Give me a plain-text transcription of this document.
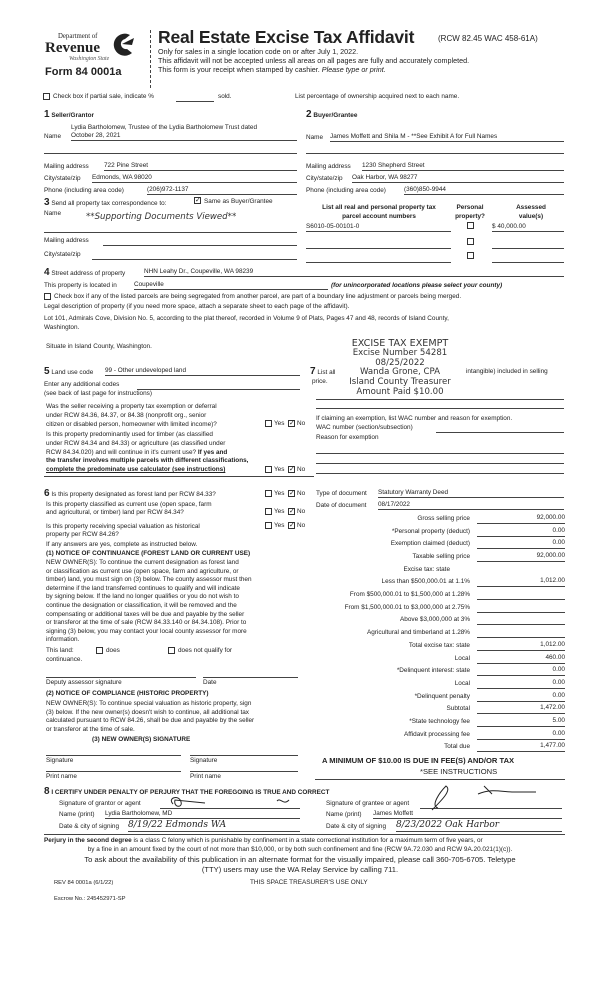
Department of
Revenue
Washington State
Form 84 0001a
Real Estate Excise Tax Affidavit	(RCW 82.45 WAC 458-61A)
Only for sales in a single location code on or after July 1, 2022.
This affidavit will not be accepted unless all areas on all pages are fully and accurately completed.
This form is your receipt when stamped by cashier. Please type or print.
Check box if partial sale, indicate %	sold.	List percentage of ownership acquired next to each name.
1 Seller/Grantor
Lydia Bartholomew, Trustee of the Lydia Bartholomew Trust dated
Name October 28, 2021
Mailing address 722 Pine Street
City/state/zip Edmonds, WA 98020
Phone (including area code)	(206)972-1137
2 Buyer/Grantee
Name James Moffett and Shila M - **See Exhibit A for Full Names
Mailing address 1230 Shepherd Street
City/state/zip Oak Harbor, WA 98277
Phone (including area code)	(360)850-9944
3 Send all property tax correspondence to:	✓ Same as Buyer/Grantee
Name	**Supporting Documents Viewed**
Mailing address
City/state/zip
List all real and personal property tax
parcel account numbers
Personal
property?
Assessed
value(s)
S6010-05-00101-0	$ 40,000.00
4 Street address of property	NHN Leahy Dr., Coupeville, WA 98239
This property is located in	Coupeville	(for unincorporated locations please select your county)
Check box if any of the listed parcels are being segregated from another parcel, are part of a boundary line adjustment or parcels being merged.
Legal description of property (if you need more space, attach a separate sheet to each page of the affidavit).
Lot 101, Admirals Cove, Division No. 5, according to the plat thereof, recorded in Volume 9 of Plats, Pages 47 and 48, records of Island County,
Washington.
Situate in Island County, Washington.	EXCISE TAX EXEMPT
Excise Number 54281
08/25/2022
Wanda Grone, CPA
Island County Treasurer
Amount Paid $10.00
5 Land use code 99 - Other undeveloped land
Enter any additional codes
(see back of last page for instructions)
Was the seller receiving a property tax exemption or deferral
under RCW 84.36, 84.37, or 84.38 (nonprofit org., senior
citizen or disabled person, homeowner with limited income)?	Yes ✓ No
Is this property predominantly used for timber (as classified
under RCW 84.34 and 84.33) or agriculture (as classified under
RCW 84.34.020) and will continue in it's current use? If yes and
the transfer involves multiple parcels with different classifications,
complete the predominate use calculator (see instructions)	Yes ✓ No
7 List all	intangible) included in selling
price.
If claiming an exemption, list WAC number and reason for exemption.
WAC number (section/subsection)
Reason for exemption
Type of document Statutory Warranty Deed
Date of document 08/17/2022
6 Is this property designated as forest land per RCW 84.33?	Yes ✓ No
Is this property classified as current use (open space, farm
and agricultural, or timber) land per RCW 84.34?	Yes ✓ No
Is this property receiving special valuation as historical
property per RCW 84.26?
Yes ✓ No
If any answers are yes, complete as instructed below.
(1) NOTICE OF CONTINUANCE (FOREST LAND OR CURRENT USE)
NEW OWNER(S): To continue the current designation as forest land
or classification as current use (open space, farm and agriculture, or
timber) land, you must sign on (3) below. The county assessor must then
determine if the land transferred continues to qualify and will indicate
by signing below. If the land no longer qualifies or you do not wish to
continue the designation or classification, it will be removed and the
compensating or additional taxes will be due and payable by the seller
or transferor at the time of sale (RCW 84.33.140 or 84.34.108). Prior to
signing (3) below, you may contact your local county assessor for more
information.
This land:	does	does not qualify for
continuance.
Deputy assessor signature	Date
(2) NOTICE OF COMPLIANCE (HISTORIC PROPERTY)
NEW OWNER(S): To continue special valuation as historic property, sign
(3) below. If the new owner(s) doesn't wish to continue, all additional tax
calculated pursuant to RCW 84.26, shall be due and payable by the seller
or transferor at the time of sale.
(3) NEW OWNER(S) SIGNATURE
Signature	Signature
Print name	Print name
Gross selling price	92,000.00
*Personal property (deduct)	0.00
Exemption claimed (deduct)	0.00
Taxable selling price	92,000.00
Excise tax: state
Less than $500,000.01 at 1.1%	1,012.00
From $500,000.01 to $1,500,000 at 1.28%
From $1,500,000.01 to $3,000,000 at 2.75%
Above $3,000,000 at 3%
Agricultural and timberland at 1.28%
Total excise tax: state	1,012.00
Local	460.00
*Delinquent interest: state	0.00
Local	0.00
*Delinquent penalty	0.00
Subtotal	1,472.00
*State technology fee	5.00
Affidavit processing fee	0.00
Total due	1,477.00
A MINIMUM OF $10.00 IS DUE IN FEE(S) AND/OR TAX
*SEE INSTRUCTIONS
8 I CERTIFY UNDER PENALTY OF PERJURY THAT THE FOREGOING IS TRUE AND CORRECT
Signature of grantor or agent
Name (print) Lydia Bartholomew, MD
Date & city of signing 8/19/22 Edmonds WA
Signature of grantee or agent
Name (print) James Moffett
Date & city of signing 8/23/2022 Oak Harbor
Perjury in the second degree is a class C felony which is punishable by confinement in a state correctional institution for a maximum term of five years, or
by a fine in an amount fixed by the court of not more than $10,000, or by both such confinement and fine (RCW 9A.72.030 and RCW 9A.20.021(1)(c)).
To ask about the availability of this publication in an alternate format for the visually impaired, please call 360-705-6705. Teletype
(TTY) users may use the WA Relay Service by calling 711.
REV 84 0001a (6/1/22)	THIS SPACE TREASURER'S USE ONLY
Escrow No.: 245452971-SP
